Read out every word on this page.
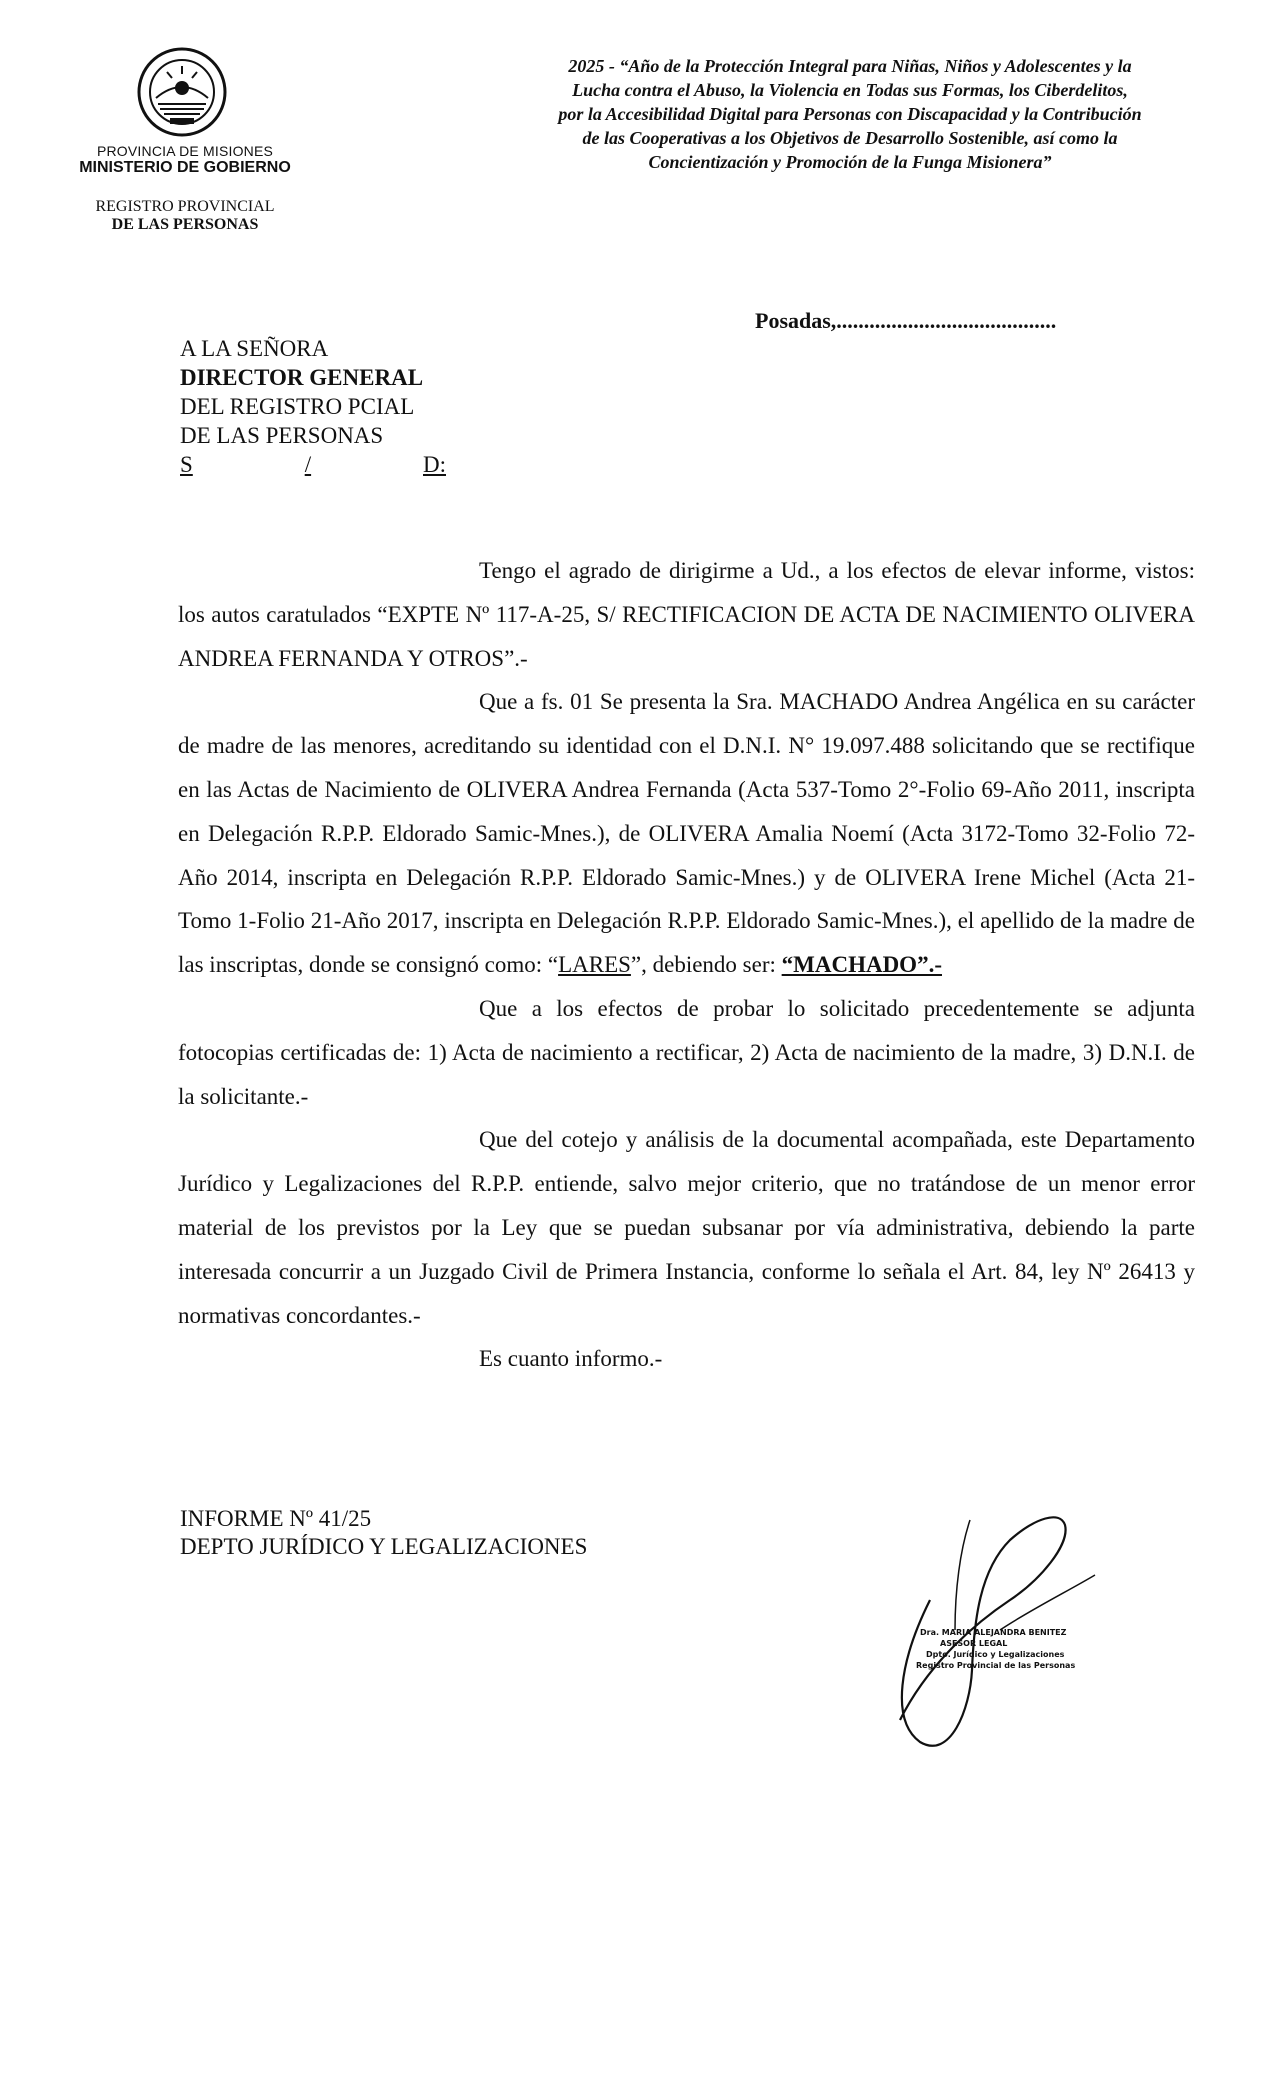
PROVINCIA DE MISIONES
MINISTERIO DE GOBIERNO
REGISTRO PROVINCIAL
DE LAS PERSONAS
2025 - “Año de la Protección Integral para Niñas, Niños y Adolescentes y la
Lucha contra el Abuso, la Violencia en Todas sus Formas, los Ciberdelitos,
por la Accesibilidad Digital para Personas con Discapacidad y la Contribución
de las Cooperativas a los Objetivos de Desarrollo Sostenible, así como la
Concientización y Promoción de la Funga Misionera”
Posadas,........................................
A LA SEÑORA
DIRECTOR GENERAL
DEL REGISTRO PCIAL
DE LAS PERSONAS
S	/	D:

Tengo el agrado de dirigirme a Ud., a los efectos de elevar informe, vistos: los autos caratulados “EXPTE Nº 117-A-25, S/ RECTIFICACION DE ACTA DE NACIMIENTO OLIVERA ANDREA FERNANDA Y OTROS”.-

Que a fs. 01 Se presenta la Sra. MACHADO Andrea Angélica en su carácter de madre de las menores, acreditando su identidad con el D.N.I. N° 19.097.488 solicitando que se rectifique en las Actas de Nacimiento de OLIVERA Andrea Fernanda (Acta 537-Tomo 2°-Folio 69-Año 2011, inscripta en Delegación R.P.P. Eldorado Samic-Mnes.), de OLIVERA Amalia Noemí (Acta 3172-Tomo 32-Folio 72-Año 2014, inscripta en Delegación R.P.P. Eldorado Samic-Mnes.) y de OLIVERA Irene Michel (Acta 21-Tomo 1-Folio 21-Año 2017, inscripta en Delegación R.P.P. Eldorado Samic-Mnes.), el apellido de la madre de las inscriptas, donde se consignó como: “LARES”, debiendo ser: “MACHADO”.-

Que a los efectos de probar lo solicitado precedentemente se adjunta fotocopias certificadas de: 1) Acta de nacimiento a rectificar, 2) Acta de nacimiento de la madre, 3) D.N.I. de la solicitante.-

Que del cotejo y análisis de la documental acompañada, este Departamento Jurídico y Legalizaciones del R.P.P. entiende, salvo mejor criterio, que no tratándose de un menor error material de los previstos por la Ley que se puedan subsanar por vía administrativa, debiendo la parte interesada concurrir a un Juzgado Civil de Primera Instancia, conforme lo señala el Art. 84, ley Nº 26413 y normativas concordantes.-

Es cuanto informo.-

INFORME Nº 41/25
DEPTO JURÍDICO Y LEGALIZACIONES
Dra. MARIA ALEJANDRA BENITEZ
ASESOR LEGAL
Dpto. Jurídico y Legalizaciones
Registro Provincial de las Personas
